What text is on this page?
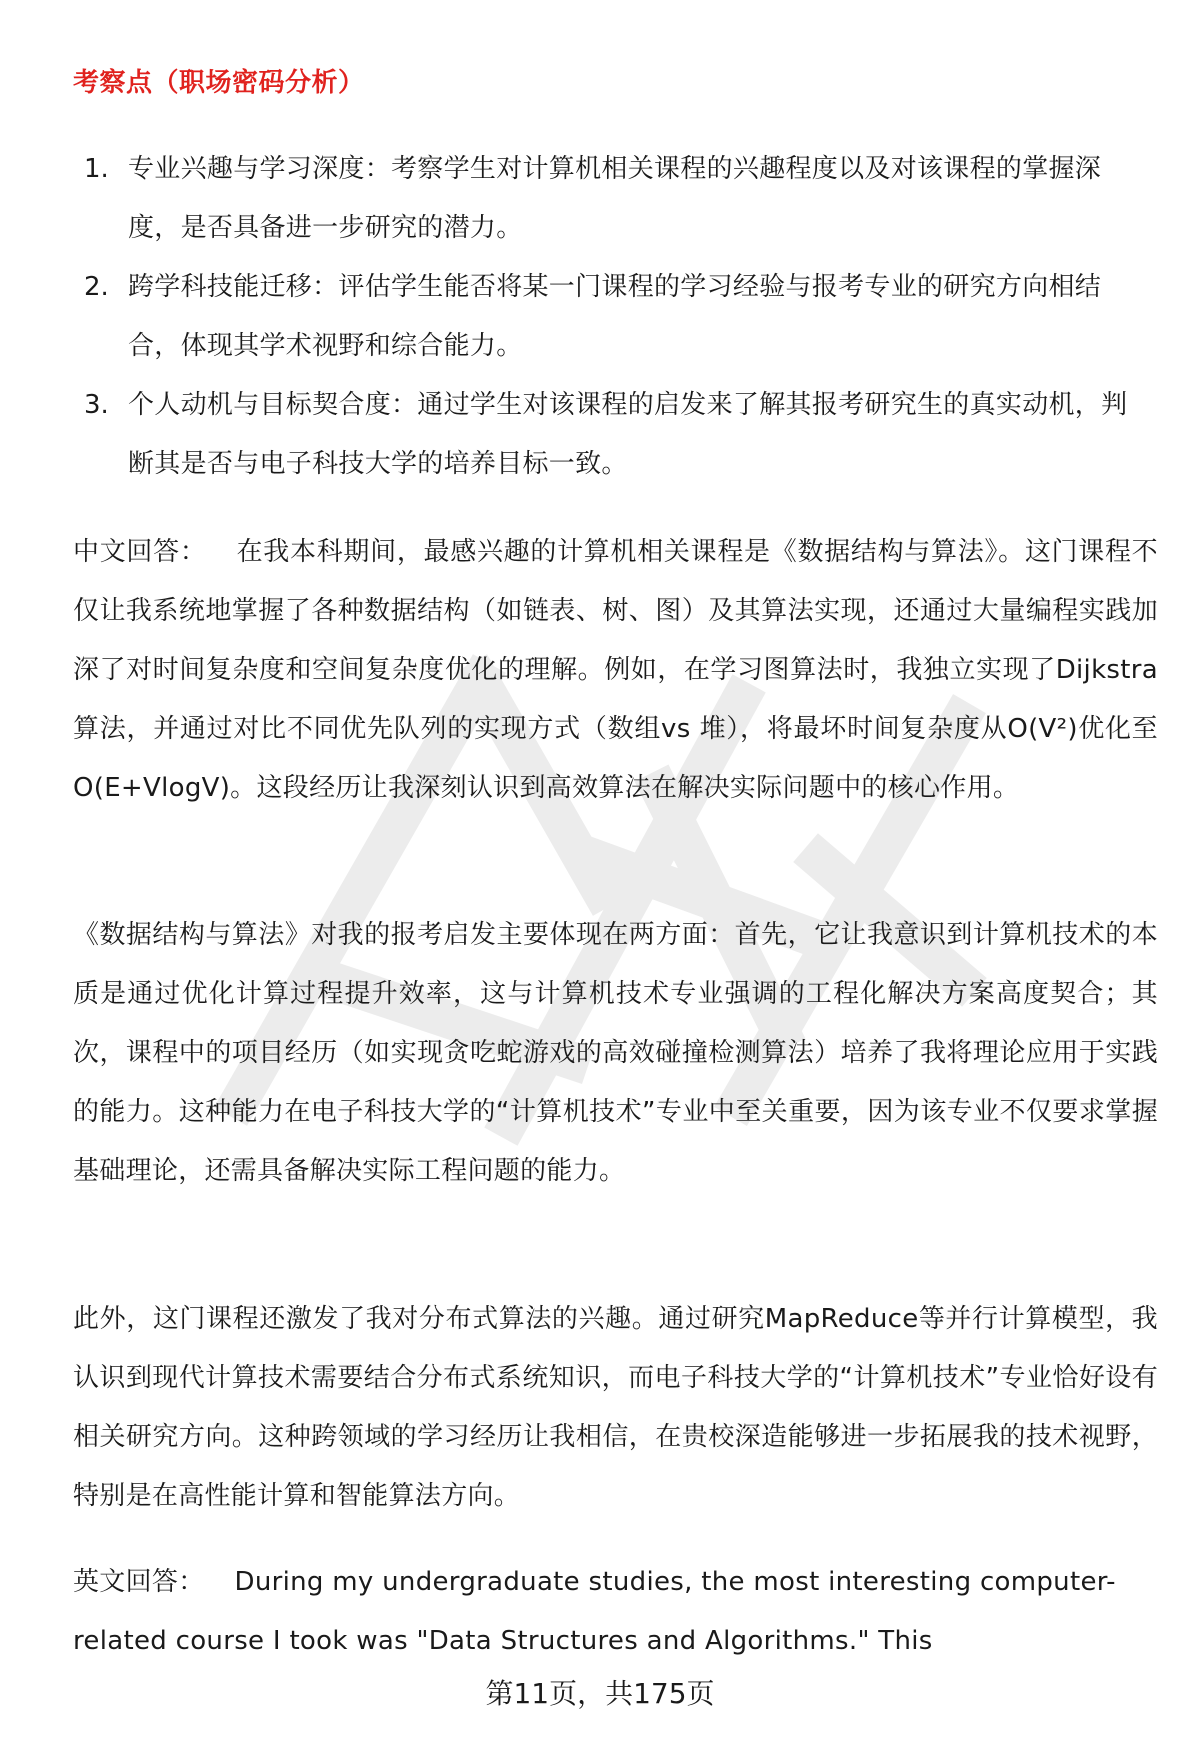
考察点（职场密码分析）
1. 专业兴趣与学习深度：考察学生对计算机相关课程的兴趣程度以及对该课程的掌握深度，是否具备进一步研究的潜力。
2. 跨学科技能迁移：评估学生能否将某一门课程的学习经验与报考专业的研究方向相结合，体现其学术视野和综合能力。
3. 个人动机与目标契合度：通过学生对该课程的启发来了解其报考研究生的真实动机，判断其是否与电子科技大学的培养目标一致。

中文回答： 在我本科期间，最感兴趣的计算机相关课程是《数据结构与算法》。这门课程不仅让我系统地掌握了各种数据结构（如链表、树、图）及其算法实现，还通过大量编程实践加深了对时间复杂度和空间复杂度优化的理解。例如，在学习图算法时，我独立实现了Dijkstra算法，并通过对比不同优先队列的实现方式（数组vs 堆），将最坏时间复杂度从O(V²)优化至O(E+VlogV)。这段经历让我深刻认识到高效算法在解决实际问题中的核心作用。

《数据结构与算法》对我的报考启发主要体现在两方面：首先，它让我意识到计算机技术的本质是通过优化计算过程提升效率，这与计算机技术专业强调的工程化解决方案高度契合；其次，课程中的项目经历（如实现贪吃蛇游戏的高效碰撞检测算法）培养了我将理论应用于实践的能力。这种能力在电子科技大学的“计算机技术”专业中至关重要，因为该专业不仅要求掌握基础理论，还需具备解决实际工程问题的能力。

此外，这门课程还激发了我对分布式算法的兴趣。通过研究MapReduce等并行计算模型，我认识到现代计算技术需要结合分布式系统知识，而电子科技大学的“计算机技术”专业恰好设有相关研究方向。这种跨领域的学习经历让我相信，在贵校深造能够进一步拓展我的技术视野，特别是在高性能计算和智能算法方向。

英文回答： During my undergraduate studies, the most interesting computer-related course I took was "Data Structures and Algorithms." This

第11页，共175页
